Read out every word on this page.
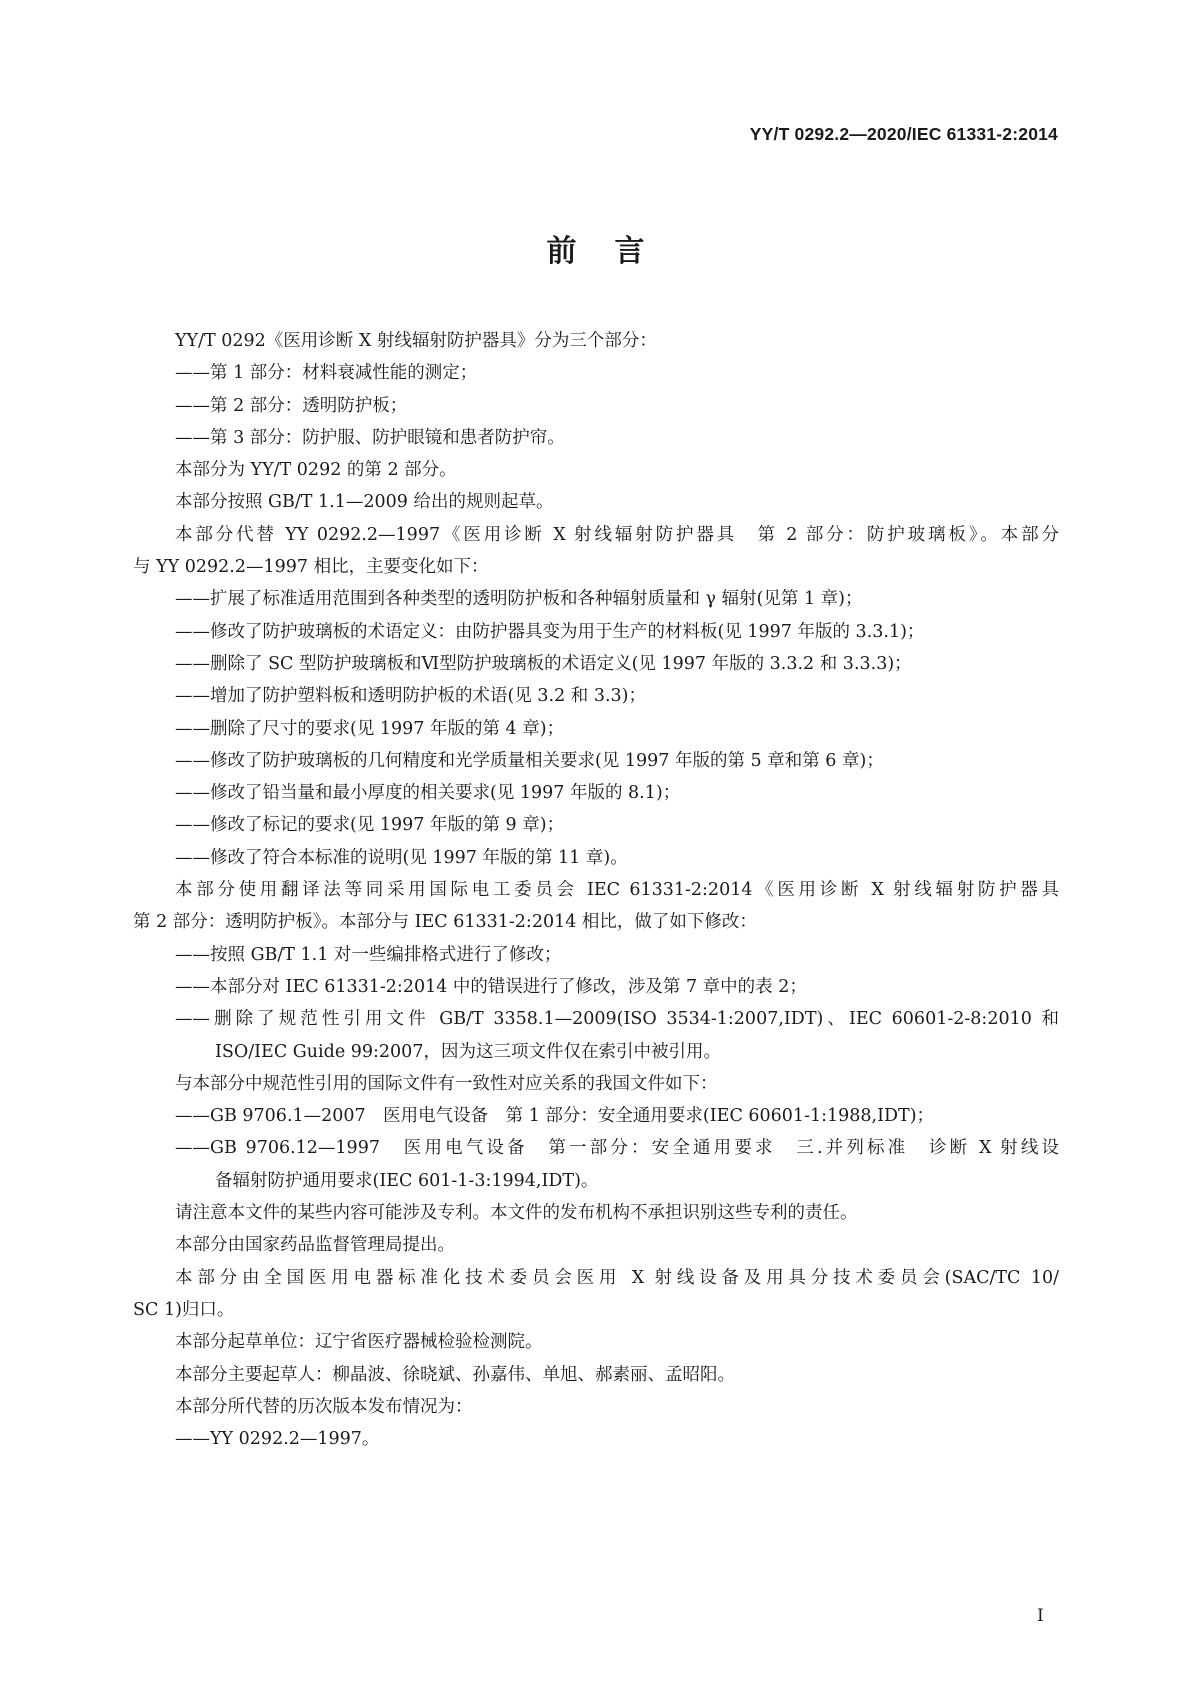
YY/T 0292.2—2020/IEC 61331-2:2014
前言
YY/T 0292《医用诊断 X 射线辐射防护器具》分为三个部分：
——第 1 部分：材料衰减性能的测定；
——第 2 部分：透明防护板；
——第 3 部分：防护服、防护眼镜和患者防护帘。
本部分为 YY/T 0292 的第 2 部分。
本部分按照 GB/T 1.1—2009 给出的规则起草。
本部分代替 YY 0292.2—1997《医用诊断 X 射线辐射防护器具　第 2 部分：防护玻璃板》。本部分
与 YY 0292.2—1997 相比，主要变化如下：
——扩展了标准适用范围到各种类型的透明防护板和各种辐射质量和 γ 辐射(见第 1 章)；
——修改了防护玻璃板的术语定义：由防护器具变为用于生产的材料板(见 1997 年版的 3.3.1)；
——删除了 SC 型防护玻璃板和Ⅵ型防护玻璃板的术语定义(见 1997 年版的 3.3.2 和 3.3.3)；
——增加了防护塑料板和透明防护板的术语(见 3.2 和 3.3)；
——删除了尺寸的要求(见 1997 年版的第 4 章)；
——修改了防护玻璃板的几何精度和光学质量相关要求(见 1997 年版的第 5 章和第 6 章)；
——修改了铅当量和最小厚度的相关要求(见 1997 年版的 8.1)；
——修改了标记的要求(见 1997 年版的第 9 章)；
——修改了符合本标准的说明(见 1997 年版的第 11 章)。
本部分使用翻译法等同采用国际电工委员会 IEC 61331-2:2014《医用诊断 X 射线辐射防护器具
第 2 部分：透明防护板》。本部分与 IEC 61331-2:2014 相比，做了如下修改：
——按照 GB/T 1.1 对一些编排格式进行了修改；
——本部分对 IEC 61331-2:2014 中的错误进行了修改，涉及第 7 章中的表 2；
——删除了规范性引用文件 GB/T 3358.1—2009(ISO 3534-1:2007,IDT)、IEC 60601-2-8:2010 和
ISO/IEC Guide 99:2007，因为这三项文件仅在索引中被引用。
与本部分中规范性引用的国际文件有一致性对应关系的我国文件如下：
——GB 9706.1—2007　医用电气设备　第 1 部分：安全通用要求(IEC 60601-1:1988,IDT)；
——GB 9706.12—1997　医用电气设备　第一部分：安全通用要求　三.并列标准　诊断 X 射线设
备辐射防护通用要求(IEC 601-1-3:1994,IDT)。
请注意本文件的某些内容可能涉及专利。本文件的发布机构不承担识别这些专利的责任。
本部分由国家药品监督管理局提出。
本部分由全国医用电器标准化技术委员会医用 X 射线设备及用具分技术委员会(SAC/TC 10/
SC 1)归口。
本部分起草单位：辽宁省医疗器械检验检测院。
本部分主要起草人：柳晶波、徐晓斌、孙嘉伟、单旭、郝素丽、孟昭阳。
本部分所代替的历次版本发布情况为：
——YY 0292.2—1997。
I
